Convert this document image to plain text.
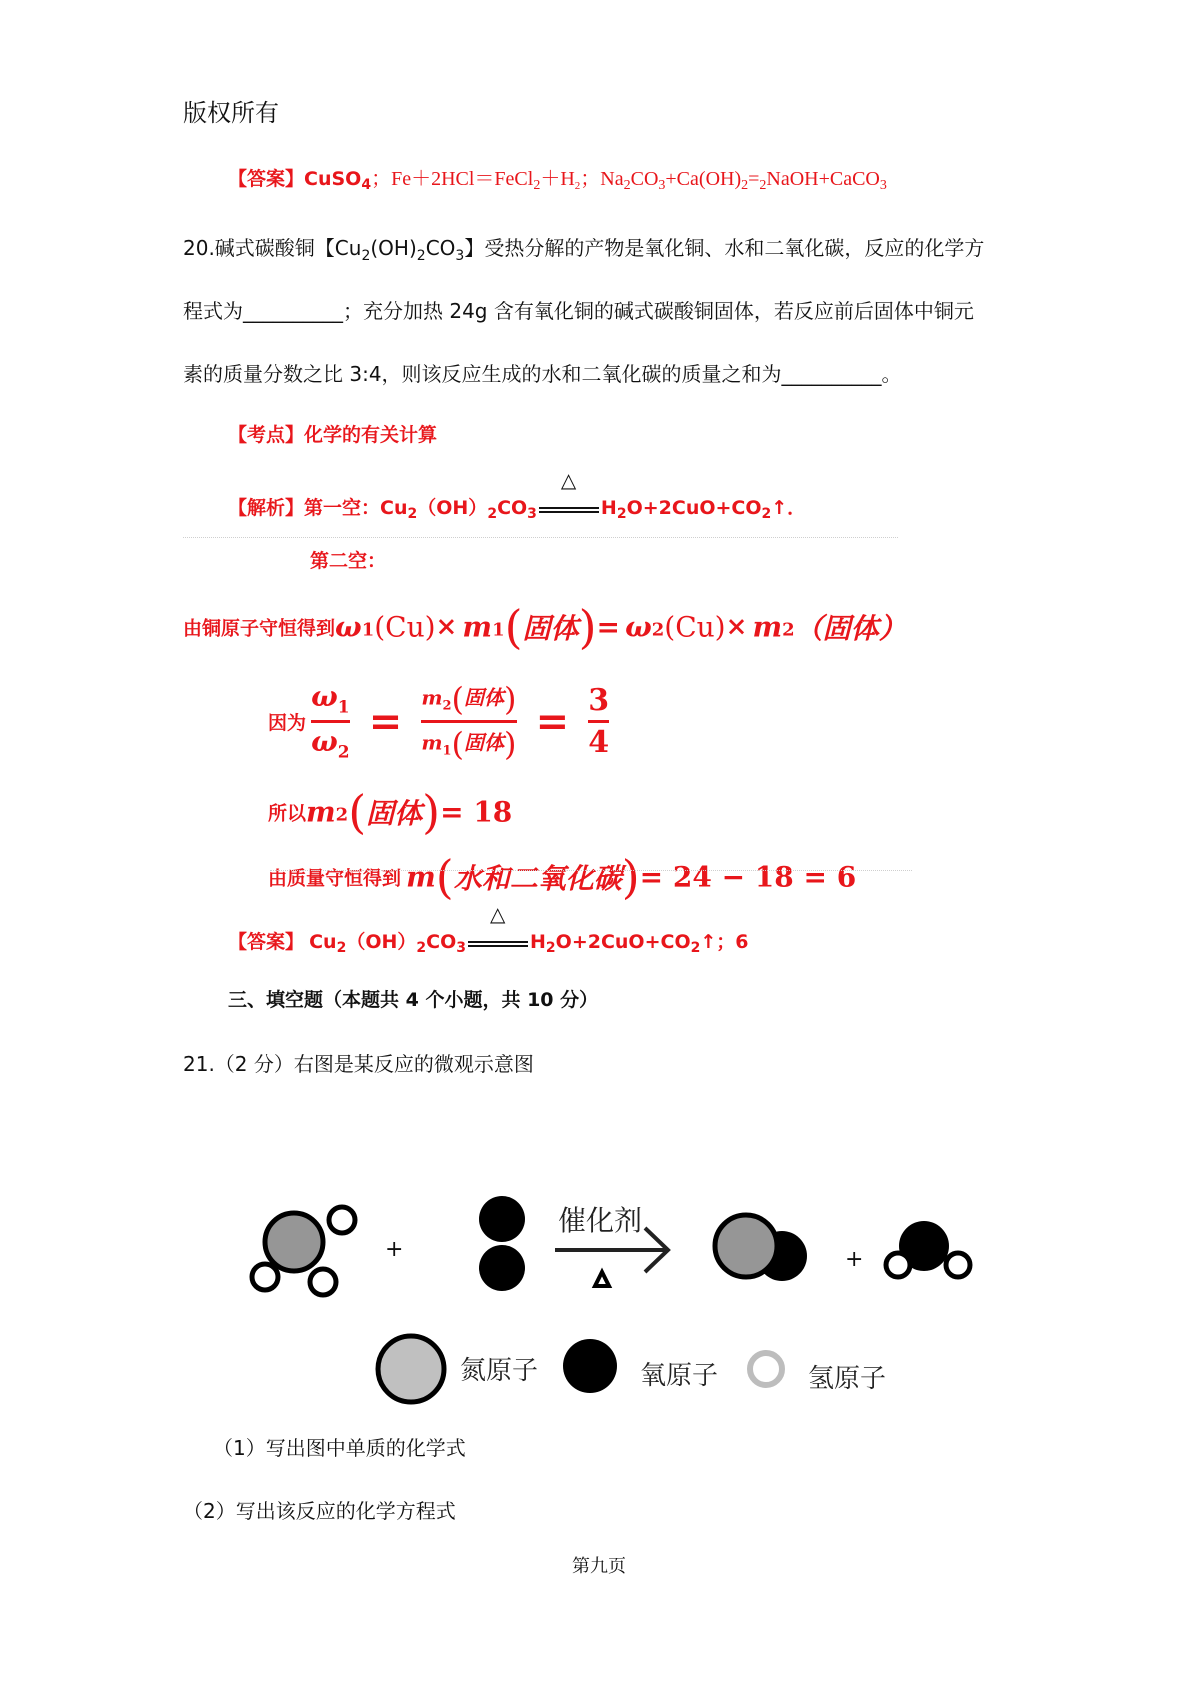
版权所有
【答案】CuSO$_4$；$Fe+2HCl=FeCl_2+H_2$；$Na_2CO_3+Ca(OH)_2=_2NaOH+CaCO_3$
20.碱式碳酸铜【$Cu_2(OH)_2CO_3$】受热分解的产物是氧化铜、水和二氧化碳，反应的化学方
程式为__________；充分加热 24g 含有氧化铜的碱式碳酸铜固体，若反应前后固体中铜元
素的质量分数之比 3:4，则该反应生成的水和二氧化碳的质量之和为__________。
【考点】化学的有关计算
【解析】第一空：$Cu_2(OH)_2CO_3$
△
$H_2O+2CuO+CO_2↑$．
第二空：
由铜原子守恒得到$\omega_1(Cu)\times m_1$(固体)= $\omega_2(Cu)\times m_2$（固体）
因为 $\frac{\omega_1}{\omega_2} = \frac{m_2(固体)}{m_1(固体)} = \frac{3}{4}$
所以$m_2$(固体)= 18
由质量守恒得到 m(水和二氧化碳)= 24 − 18 = 6
【答案】 $Cu_2(OH)_2CO_3$
△
$H_2O+2CuO+CO_2↑$；6
三、填空题（本题共 4 个小题，共 10 分）
21.（2 分）右图是某反应的微观示意图
+
催化剂
+
氮原子	氧原子	氢原子
（1）写出图中单质的化学式
（2）写出该反应的化学方程式
第九页
